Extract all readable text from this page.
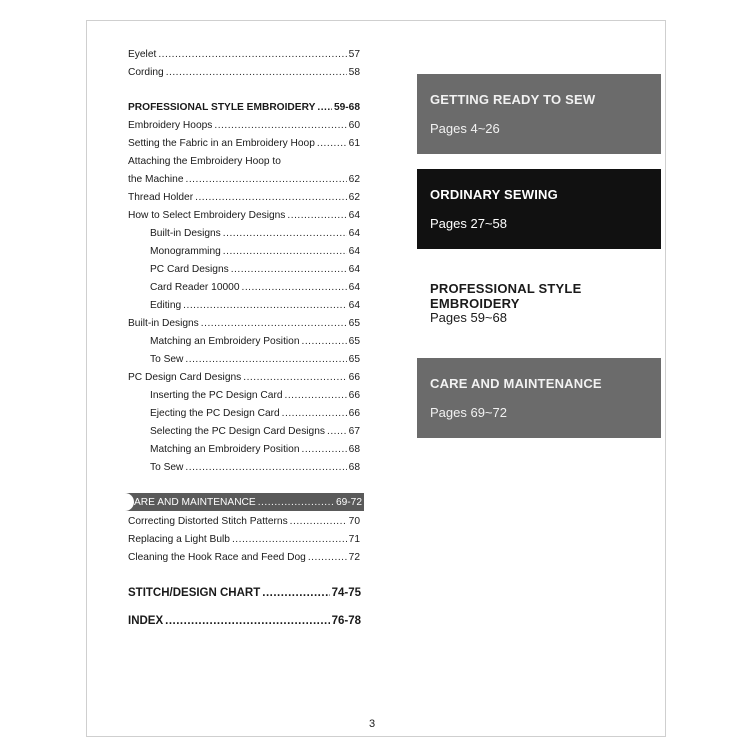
Eyelet .....	57
Cording .....	58
PROFESSIONAL STYLE EMBROIDERY ..... 59-68
Embroidery Hoops .....	60
Setting the Fabric in an Embroidery Hoop .....	61
Attaching the Embroidery Hoop to
the Machine .....	62
Thread Holder .....	62
How to Select Embroidery Designs .....	64
Built-in Designs .....	64
Monogramming .....	64
PC Card Designs .....	64
Card Reader 10000 .....	64
Editing .....	64
Built-in Designs .....	65
Matching an Embroidery Position .....	65
To Sew .....	65
PC Design Card Designs .....	66
Inserting the PC Design Card .....	66
Ejecting the PC Design Card .....	66
Selecting the PC Design Card Designs ..... 67
Matching an Embroidery Position .....	68
To Sew .....	68
ARE AND MAINTENANCE .....	69-72
Correcting Distorted Stitch Patterns .....	70
Replacing a Light Bulb .....	71
Cleaning the Hook Race and Feed Dog .....	72
STITCH/DESIGN CHART .....	74-75
INDEX .....	76-78
GETTING READY TO SEW
Pages 4~26
ORDINARY SEWING
Pages 27~58
PROFESSIONAL STYLE EMBROIDERY
Pages 59~68
CARE AND MAINTENANCE
Pages 69~72
3
